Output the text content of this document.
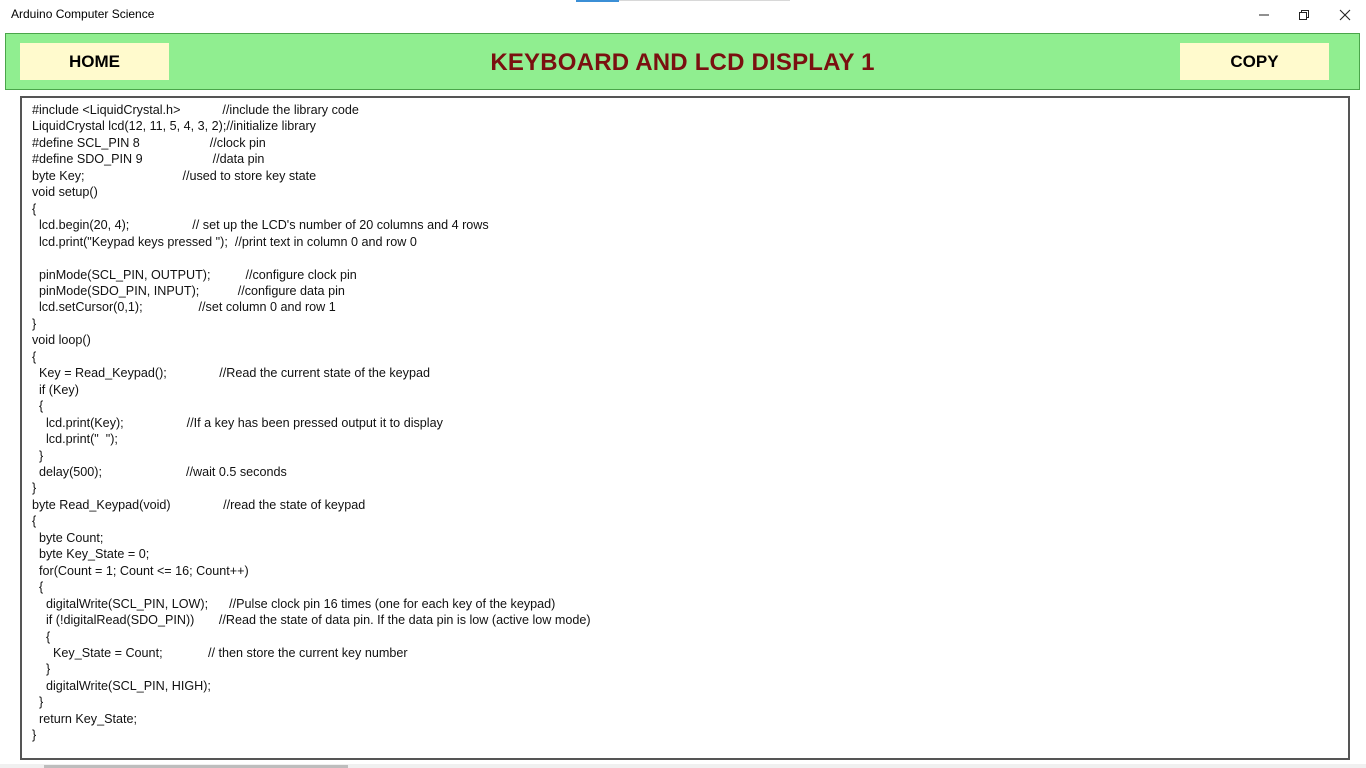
Arduino Computer Science
HOME	KEYBOARD AND LCD DISPLAY 1	COPY
#include <LiquidCrystal.h>            //include the library code
LiquidCrystal lcd(12, 11, 5, 4, 3, 2);//initialize library
#define SCL_PIN 8                    //clock pin
#define SDO_PIN 9                    //data pin
byte Key;                            //used to store key state
void setup()
{
lcd.begin(20, 4);                  // set up the LCD's number of 20 columns and 4 rows
lcd.print("Keypad keys pressed ");  //print text in column 0 and row 0

pinMode(SCL_PIN, OUTPUT);          //configure clock pin
pinMode(SDO_PIN, INPUT);           //configure data pin
lcd.setCursor(0,1);                //set column 0 and row 1
}
void loop()
{
Key = Read_Keypad();               //Read the current state of the keypad
if (Key)
{
lcd.print(Key);                  //If a key has been pressed output it to display
lcd.print("  ");
}
delay(500);                        //wait 0.5 seconds
}
byte Read_Keypad(void)               //read the state of keypad
{
byte Count;
byte Key_State = 0;
for(Count = 1; Count <= 16; Count++)
{
digitalWrite(SCL_PIN, LOW);      //Pulse clock pin 16 times (one for each key of the keypad)
if (!digitalRead(SDO_PIN))       //Read the state of data pin. If the data pin is low (active low mode)
{
Key_State = Count;             // then store the current key number
}
digitalWrite(SCL_PIN, HIGH);
}
return Key_State;
}
